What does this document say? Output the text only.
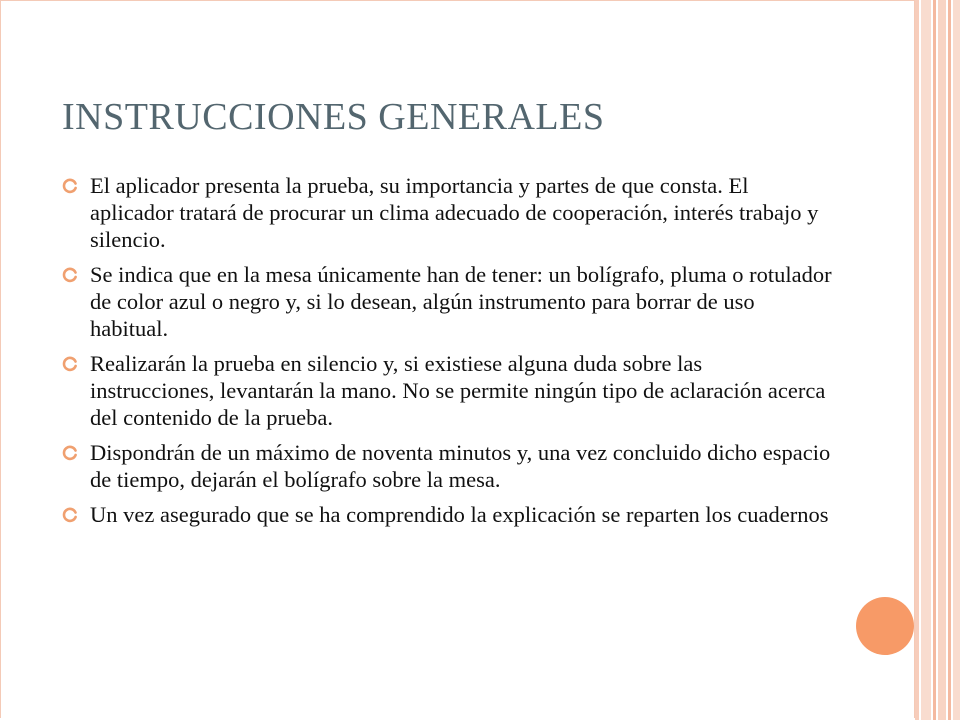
INSTRUCCIONES GENERALES
El aplicador presenta la prueba, su importancia y partes de que consta. El aplicador tratará de procurar un clima adecuado de cooperación, interés trabajo y silencio.
Se indica que en la mesa únicamente han de tener: un bolígrafo, pluma o rotulador de color azul o negro y, si lo desean, algún instrumento para borrar de uso habitual.
Realizarán la prueba en silencio y, si existiese alguna duda sobre las instrucciones, levantarán la mano. No se permite ningún tipo de aclaración acerca del contenido de la prueba.
Dispondrán de un máximo de noventa minutos y, una vez concluido dicho espacio de tiempo, dejarán el bolígrafo sobre la mesa.
Un vez asegurado que se ha comprendido la explicación se reparten los cuadernos
